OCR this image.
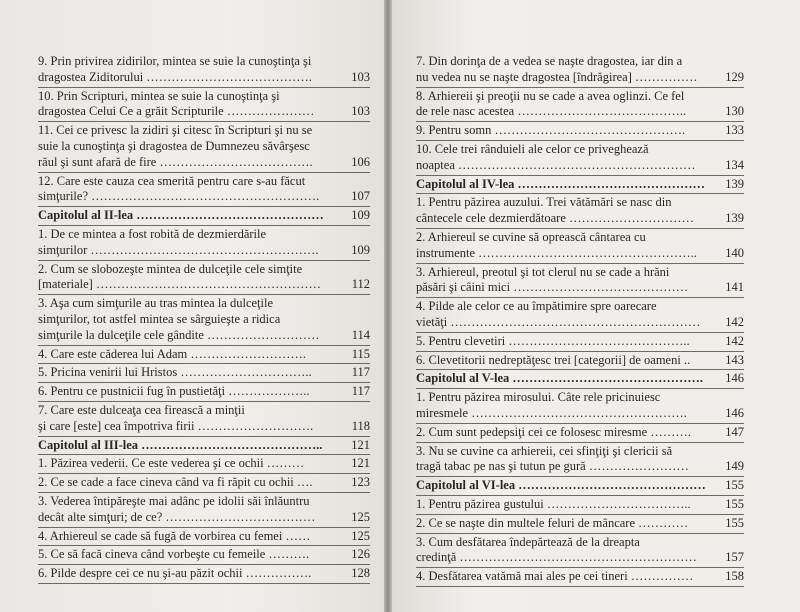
9. Prin privirea zidirilor, mintea se suie la cunoştinţa şi
dragostea Ziditorului ………………………………….	103
10. Prin Scripturi, mintea se suie la cunoştinţa şi
dragostea Celui Ce a grăit Scripturile …………………	103
11. Cei ce privesc la zidiri şi citesc în Scripturi şi nu se
suie la cunoştinţa şi dragostea de Dumnezeu săvârşesc
răul şi sunt afară de fire ……………………………….	106
12. Care este cauza cea smerită pentru care s-au făcut
simţurile? ……………………………………………….	107
Capitolul al II-lea ………………………………………	109
1. De ce mintea a fost robită de dezmierdările
simţurilor ……………………………………………….	109
2. Cum se slobozeşte mintea de dulceţile cele simţite
[materiale] ………………………………………………	112
3. Aşa cum simţurile au tras mintea la dulceţile
simţurilor, tot astfel mintea se sârguieşte a ridica
simţurile la dulceţile cele gândite ………………………	114
4. Care este căderea lui Adam ……………………….	115
5. Pricina venirii lui Hristos …………………………..	117
6. Pentru ce pustnicii fug în pustietăţi ………………..	117
7. Care este dulceaţa cea firească a minţii
şi care [este] cea împotriva firii ……………………….	118
Capitolul al III-lea ……………………………………..	121
1. Păzirea vederii. Ce este vederea şi ce ochii ………	121
2. Ce se cade a face cineva când va fi răpit cu ochii ….	123
3. Vederea întipăreşte mai adânc pe idolii săi înlăuntru
decât alte simţuri; de ce? ………………………………	125
4. Arhiereul se cade să fugă de vorbirea cu femei ……	125
5. Ce să facă cineva când vorbeşte cu femeile ……….	126
6. Pilde despre cei ce nu şi-au păzit ochii …………….	128
7. Din dorinţa de a vedea se naşte dragostea, iar din a
nu vedea nu se naşte dragostea [îndrăgirea] ……………	129
8. Arhiereii şi preoţii nu se cade a avea oglinzi. Ce fel
de rele nasc acestea …………………………………..	130
9. Pentru somn ……………………………………….	133
10. Cele trei rânduieli ale celor ce privegheazǎ
noaptea …………………………………………………	134
Capitolul al IV-lea ………………………………………	139
1. Pentru păzirea auzului. Trei vătămări se nasc din
cântecele cele dezmierdătoare …………………………	139
2. Arhiereul se cuvine să oprească cântarea cu
instrumente ……………………………………………..	140
3. Arhiereul, preotul şi tot clerul nu se cade a hrăni
păsări şi câini mici ……………………………………	141
4. Pilde ale celor ce au împătimire spre oarecare
vietăţi ……………………………………………………	142
5. Pentru clevetiri ……………………………………..	142
6. Clevetitorii nedreptăţesc trei [categorii] de oameni ..	143
Capitolul al V-lea ……………………………………….	146
1. Pentru păzirea mirosului. Câte rele pricinuiesc
miresmele …………………………………………….	146
2. Cum sunt pedepsiţi cei ce folosesc miresme ……….	147
3. Nu se cuvine ca arhiereii, cei sfinţiţi şi clericii să
tragă tabac pe nas şi tutun pe gură ……………………	149
Capitolul al VI-lea ………………………………………	155
1. Pentru păzirea gustului ……………………………..	155
2. Ce se naşte din multele feluri de mâncare …………	155
3. Cum desfătarea îndepărtează de la dreapta
credinţă …………………………………………………	157
4. Desfătarea vatămă mai ales pe cei tineri ……………	158
